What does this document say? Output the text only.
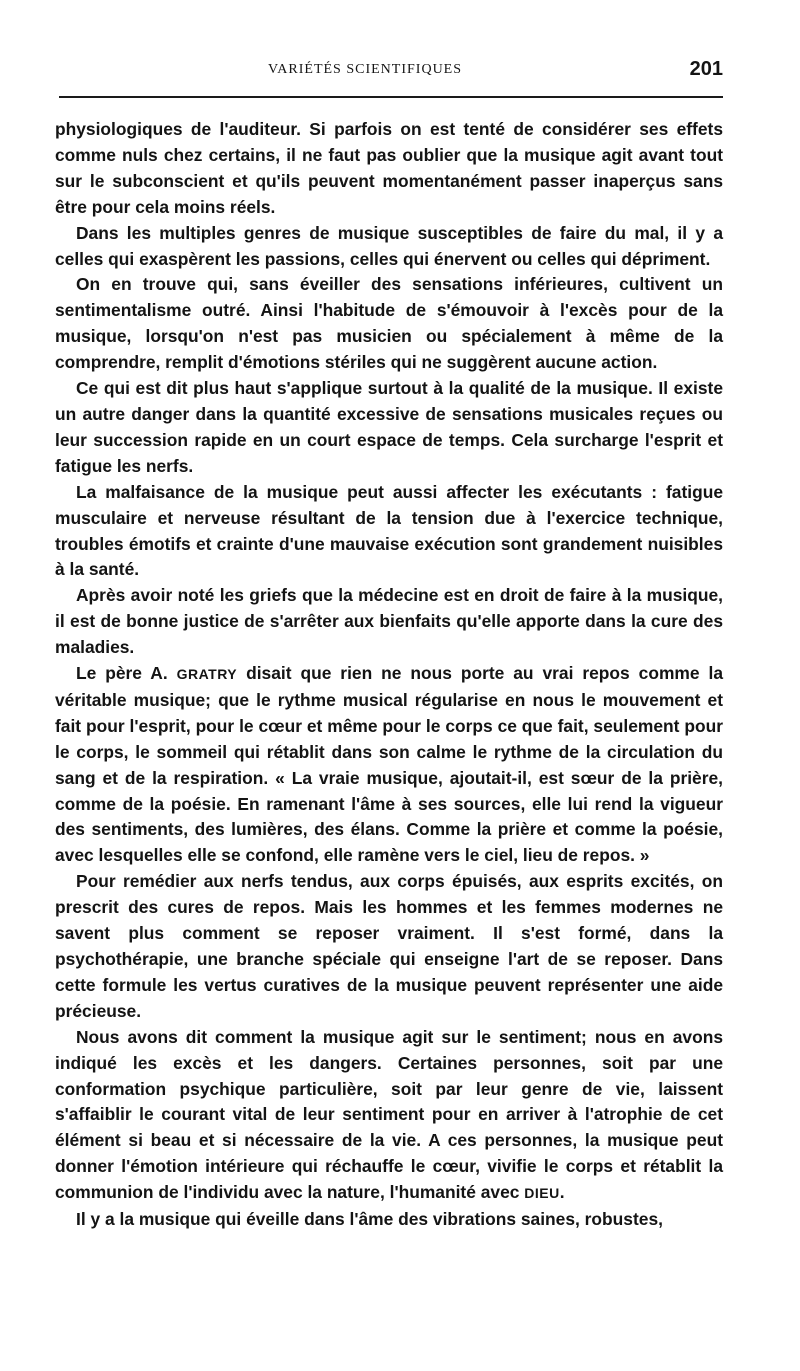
VARIÉTÉS SCIENTIFIQUES	201

physiologiques de l'auditeur. Si parfois on est tenté de considérer ses effets comme nuls chez certains, il ne faut pas oublier que la musique agit avant tout sur le subconscient et qu'ils peuvent momentanément passer inaperçus sans être pour cela moins réels.

Dans les multiples genres de musique susceptibles de faire du mal, il y a celles qui exaspèrent les passions, celles qui énervent ou celles qui dépriment.

On en trouve qui, sans éveiller des sensations inférieures, cultivent un sentimentalisme outré. Ainsi l'habitude de s'émouvoir à l'excès pour de la musique, lorsqu'on n'est pas musicien ou spécialement à même de la comprendre, remplit d'émotions stériles qui ne suggèrent aucune action.

Ce qui est dit plus haut s'applique surtout à la qualité de la musique. Il existe un autre danger dans la quantité excessive de sensations musicales reçues ou leur succession rapide en un court espace de temps. Cela surcharge l'esprit et fatigue les nerfs.

La malfaisance de la musique peut aussi affecter les exécutants : fatigue musculaire et nerveuse résultant de la tension due à l'exercice technique, troubles émotifs et crainte d'une mauvaise exécution sont grandement nuisibles à la santé.

Après avoir noté les griefs que la médecine est en droit de faire à la musique, il est de bonne justice de s'arrêter aux bienfaits qu'elle apporte dans la cure des maladies.

Le père A. GRATRY disait que rien ne nous porte au vrai repos comme la véritable musique; que le rythme musical régularise en nous le mouvement et fait pour l'esprit, pour le cœur et même pour le corps ce que fait, seulement pour le corps, le sommeil qui rétablit dans son calme le rythme de la circulation du sang et de la respiration. « La vraie musique, ajoutait-il, est sœur de la prière, comme de la poésie. En ramenant l'âme à ses sources, elle lui rend la vigueur des sentiments, des lumières, des élans. Comme la prière et comme la poésie, avec lesquelles elle se confond, elle ramène vers le ciel, lieu de repos. »

Pour remédier aux nerfs tendus, aux corps épuisés, aux esprits excités, on prescrit des cures de repos. Mais les hommes et les femmes modernes ne savent plus comment se reposer vraiment. Il s'est formé, dans la psychothérapie, une branche spéciale qui enseigne l'art de se reposer. Dans cette formule les vertus curatives de la musique peuvent représenter une aide précieuse.

Nous avons dit comment la musique agit sur le sentiment; nous en avons indiqué les excès et les dangers. Certaines personnes, soit par une conformation psychique particulière, soit par leur genre de vie, laissent s'affaiblir le courant vital de leur sentiment pour en arriver à l'atrophie de cet élément si beau et si nécessaire de la vie. A ces personnes, la musique peut donner l'émotion intérieure qui réchauffe le cœur, vivifie le corps et rétablit la communion de l'individu avec la nature, l'humanité avec DIEU.

Il y a la musique qui éveille dans l'âme des vibrations saines, robustes,
